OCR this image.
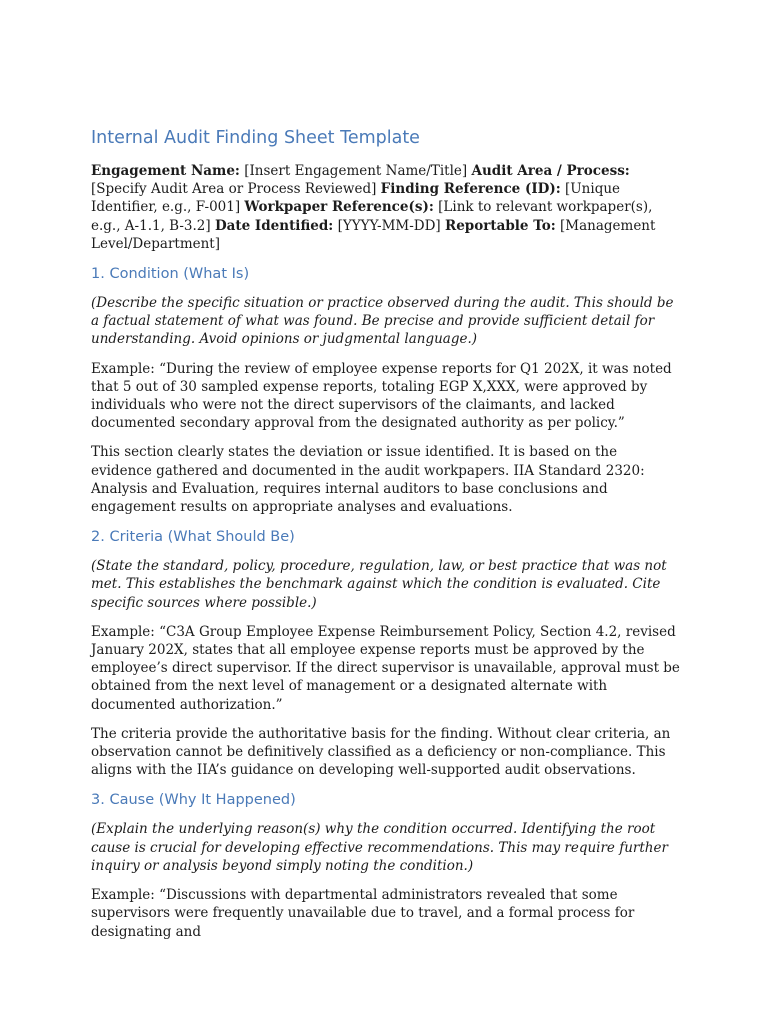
Internal Audit Finding Sheet Template

Engagement Name: [Insert Engagement Name/Title] Audit Area / Process: [Specify Audit Area or Process Reviewed] Finding Reference (ID): [Unique Identifier, e.g., F-001] Workpaper Reference(s): [Link to relevant workpaper(s), e.g., A-1.1, B-3.2] Date Identified: [YYYY-MM-DD] Reportable To: [Management Level/Department]

1. Condition (What Is)

(Describe the specific situation or practice observed during the audit. This should be a factual statement of what was found. Be precise and provide sufficient detail for understanding. Avoid opinions or judgmental language.)

Example: “During the review of employee expense reports for Q1 202X, it was noted that 5 out of 30 sampled expense reports, totaling EGP X,XXX, were approved by individuals who were not the direct supervisors of the claimants, and lacked documented secondary approval from the designated authority as per policy.”

This section clearly states the deviation or issue identified. It is based on the evidence gathered and documented in the audit workpapers. IIA Standard 2320: Analysis and Evaluation, requires internal auditors to base conclusions and engagement results on appropriate analyses and evaluations.

2. Criteria (What Should Be)

(State the standard, policy, procedure, regulation, law, or best practice that was not met. This establishes the benchmark against which the condition is evaluated. Cite specific sources where possible.)

Example: “C3A Group Employee Expense Reimbursement Policy, Section 4.2, revised January 202X, states that all employee expense reports must be approved by the employee’s direct supervisor. If the direct supervisor is unavailable, approval must be obtained from the next level of management or a designated alternate with documented authorization.”

The criteria provide the authoritative basis for the finding. Without clear criteria, an observation cannot be definitively classified as a deficiency or non-compliance. This aligns with the IIA’s guidance on developing well-supported audit observations.

3. Cause (Why It Happened)

(Explain the underlying reason(s) why the condition occurred. Identifying the root cause is crucial for developing effective recommendations. This may require further inquiry or analysis beyond simply noting the condition.)

Example: “Discussions with departmental administrators revealed that some supervisors were frequently unavailable due to travel, and a formal process for designating and
